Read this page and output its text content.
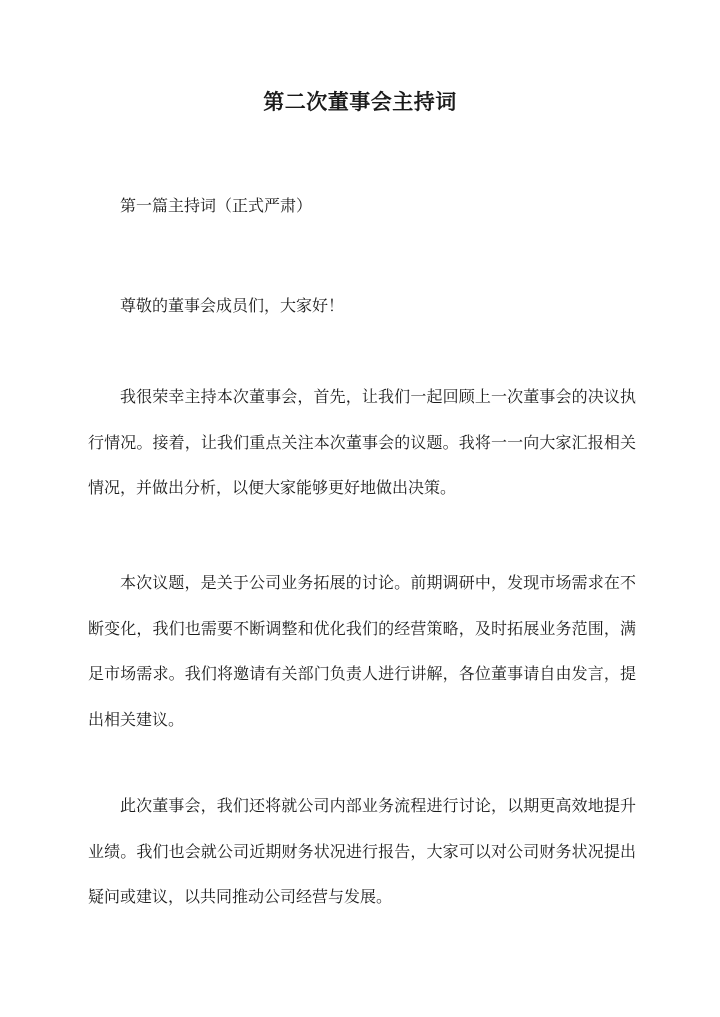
第二次董事会主持词

第一篇主持词（正式严肃）

尊敬的董事会成员们，大家好！

我很荣幸主持本次董事会，首先，让我们一起回顾上一次董事会的决议执行情况。接着，让我们重点关注本次董事会的议题。我将一一向大家汇报相关情况，并做出分析，以便大家能够更好地做出决策。

本次议题，是关于公司业务拓展的讨论。前期调研中，发现市场需求在不断变化，我们也需要不断调整和优化我们的经营策略，及时拓展业务范围，满足市场需求。我们将邀请有关部门负责人进行讲解，各位董事请自由发言，提出相关建议。

此次董事会，我们还将就公司内部业务流程进行讨论，以期更高效地提升业绩。我们也会就公司近期财务状况进行报告，大家可以对公司财务状况提出疑问或建议，以共同推动公司经营与发展。
